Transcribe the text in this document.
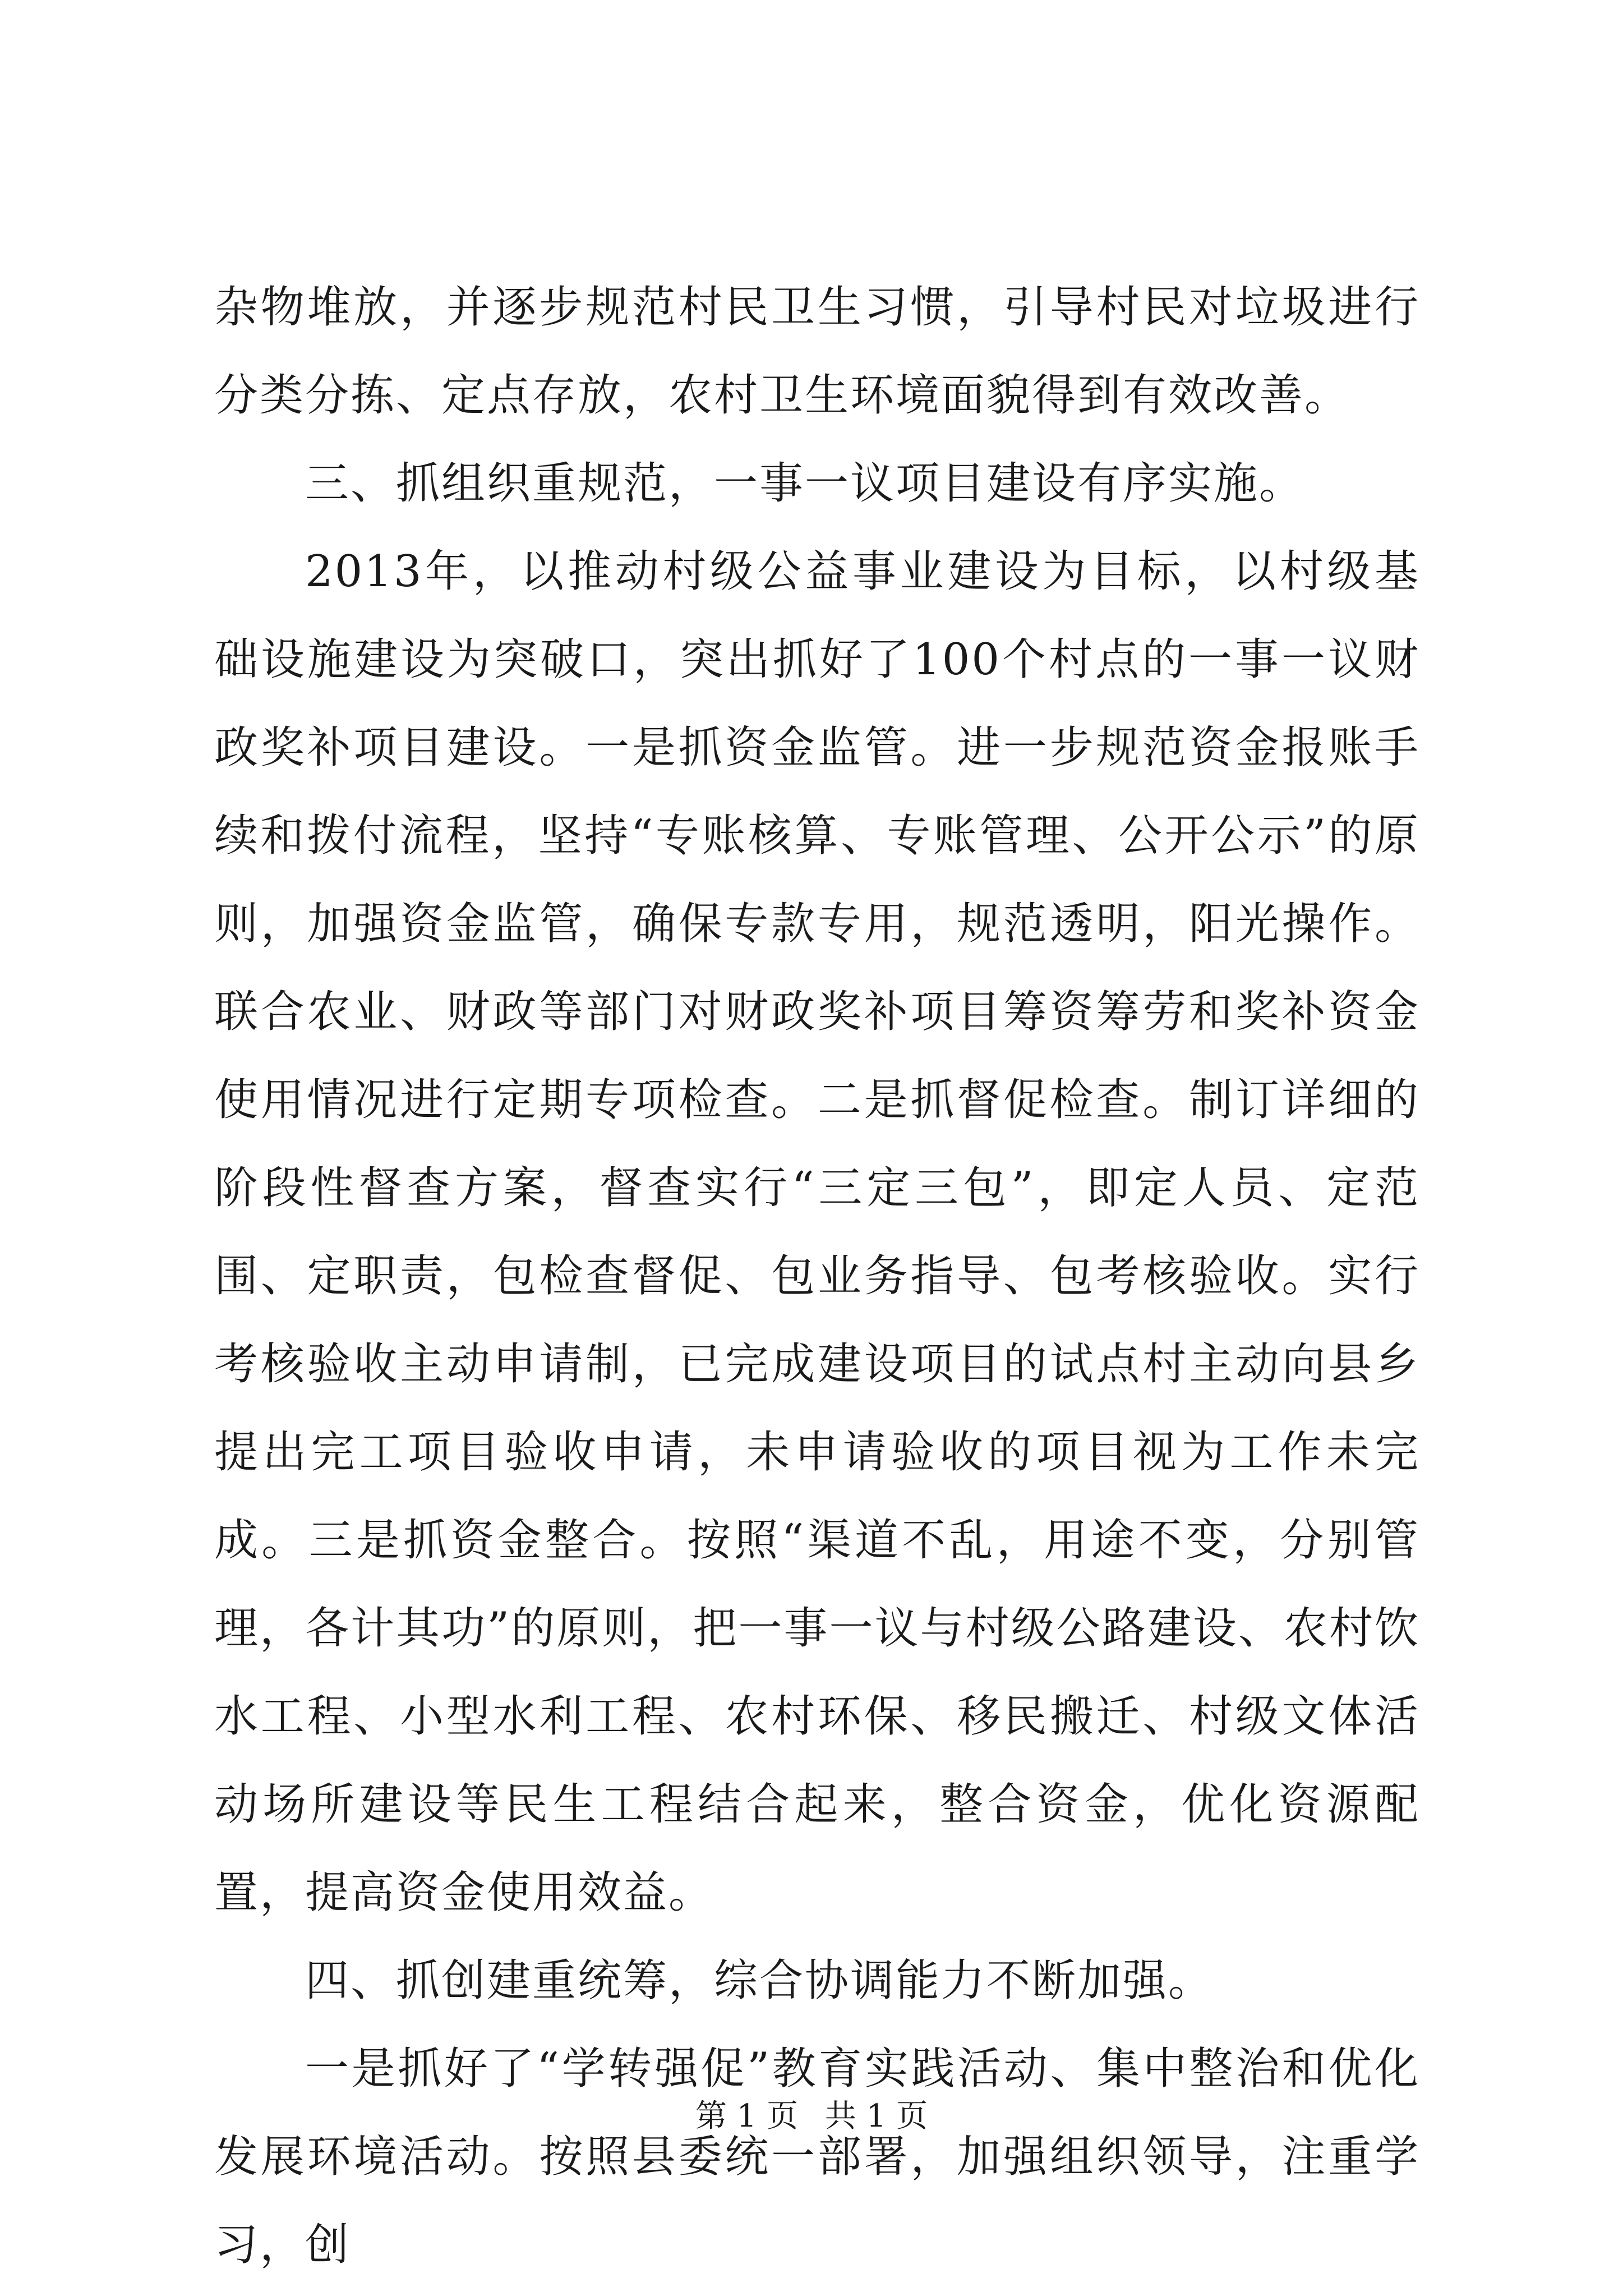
杂物堆放，并逐步规范村民卫生习惯，引导村民对垃圾进行分类分拣、定点存放，农村卫生环境面貌得到有效改善。

三、抓组织重规范，一事一议项目建设有序实施。

2013年，以推动村级公益事业建设为目标，以村级基础设施建设为突破口，突出抓好了100个村点的一事一议财政奖补项目建设。一是抓资金监管。进一步规范资金报账手续和拨付流程，坚持“专账核算、专账管理、公开公示”的原则，加强资金监管，确保专款专用，规范透明，阳光操作。联合农业、财政等部门对财政奖补项目筹资筹劳和奖补资金使用情况进行定期专项检查。二是抓督促检查。制订详细的阶段性督查方案，督查实行“三定三包”，即定人员、定范围、定职责，包检查督促、包业务指导、包考核验收。实行考核验收主动申请制，已完成建设项目的试点村主动向县乡提出完工项目验收申请，未申请验收的项目视为工作未完成。三是抓资金整合。按照“渠道不乱，用途不变，分别管理，各计其功”的原则，把一事一议与村级公路建设、农村饮水工程、小型水利工程、农村环保、移民搬迁、村级文体活动场所建设等民生工程结合起来，整合资金，优化资源配置，提高资金使用效益。

四、抓创建重统筹，综合协调能力不断加强。

一是抓好了“学转强促”教育实践活动、集中整治和优化发展环境活动。按照县委统一部署，加强组织领导，注重学习，创

第 1 页 共 1 页
